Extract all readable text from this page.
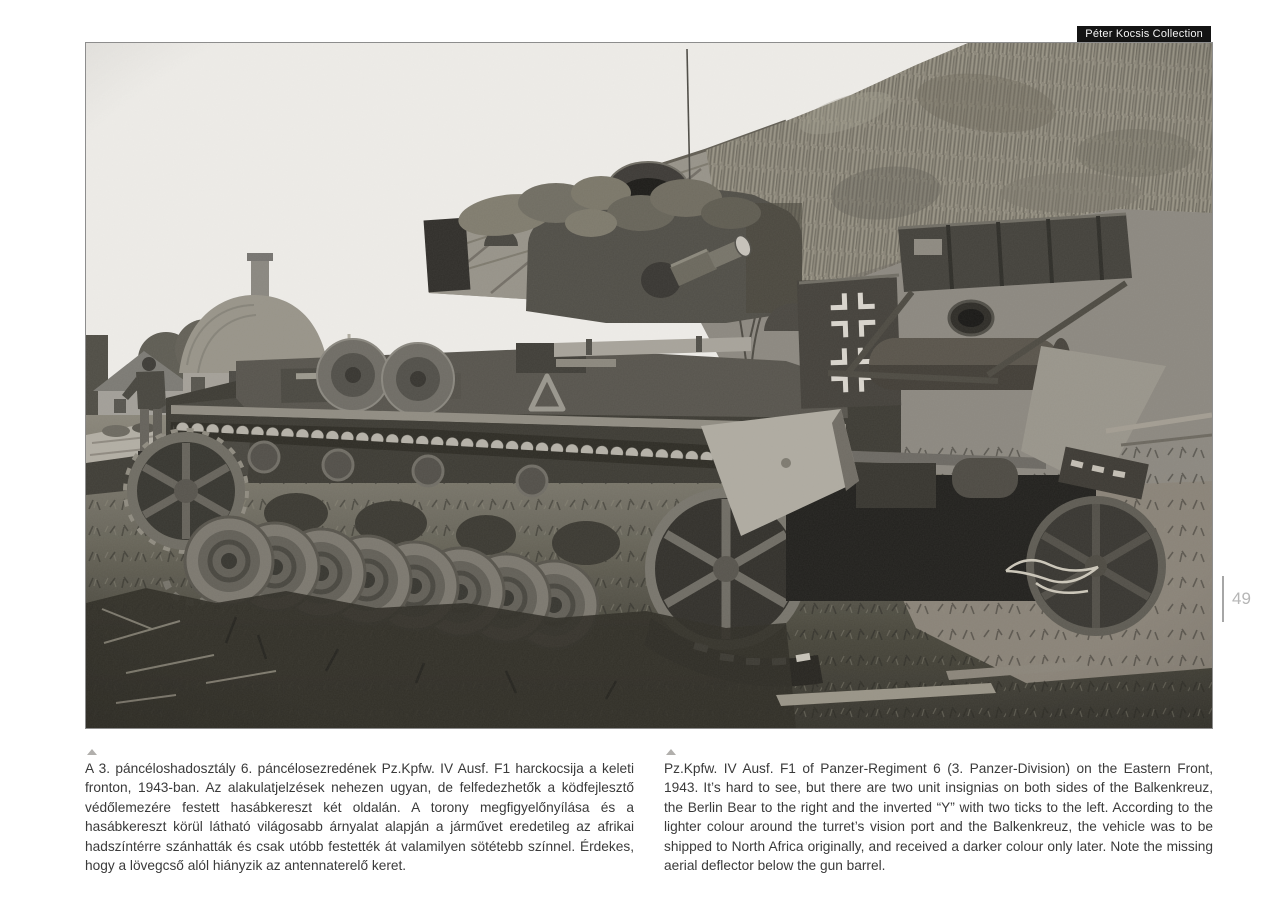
Péter Kocsis Collection
49

A 3. páncéloshadosztály 6. páncélosezredének Pz.Kpfw. IV Ausf. F1 harckocsija a keleti fronton, 1943-ban. Az alakulatjelzések nehezen ugyan, de felfedezhetők a ködfejlesztő védőlemezére festett hasábkereszt két oldalán. A torony megfigyelőnyílása és a hasábkereszt körül látható világosabb árnyalat alapján a járművet eredetileg az afrikai hadszíntérre szánhatták és csak utóbb festették át valamilyen sötétebb színnel. Érdekes, hogy a lövegcső alól hiányzik az antennaterelő keret.

Pz.Kpfw. IV Ausf. F1 of Panzer-Regiment 6 (3. Panzer-Division) on the Eastern Front, 1943. It’s hard to see, but there are two unit insignias on both sides of the Balkenkreuz, the Berlin Bear to the right and the inverted “Y” with two ticks to the left. According to the lighter colour around the turret’s vision port and the Balkenkreuz, the vehicle was to be shipped to North Africa originally, and received a darker colour only later. Note the missing aerial deflector below the gun barrel.
